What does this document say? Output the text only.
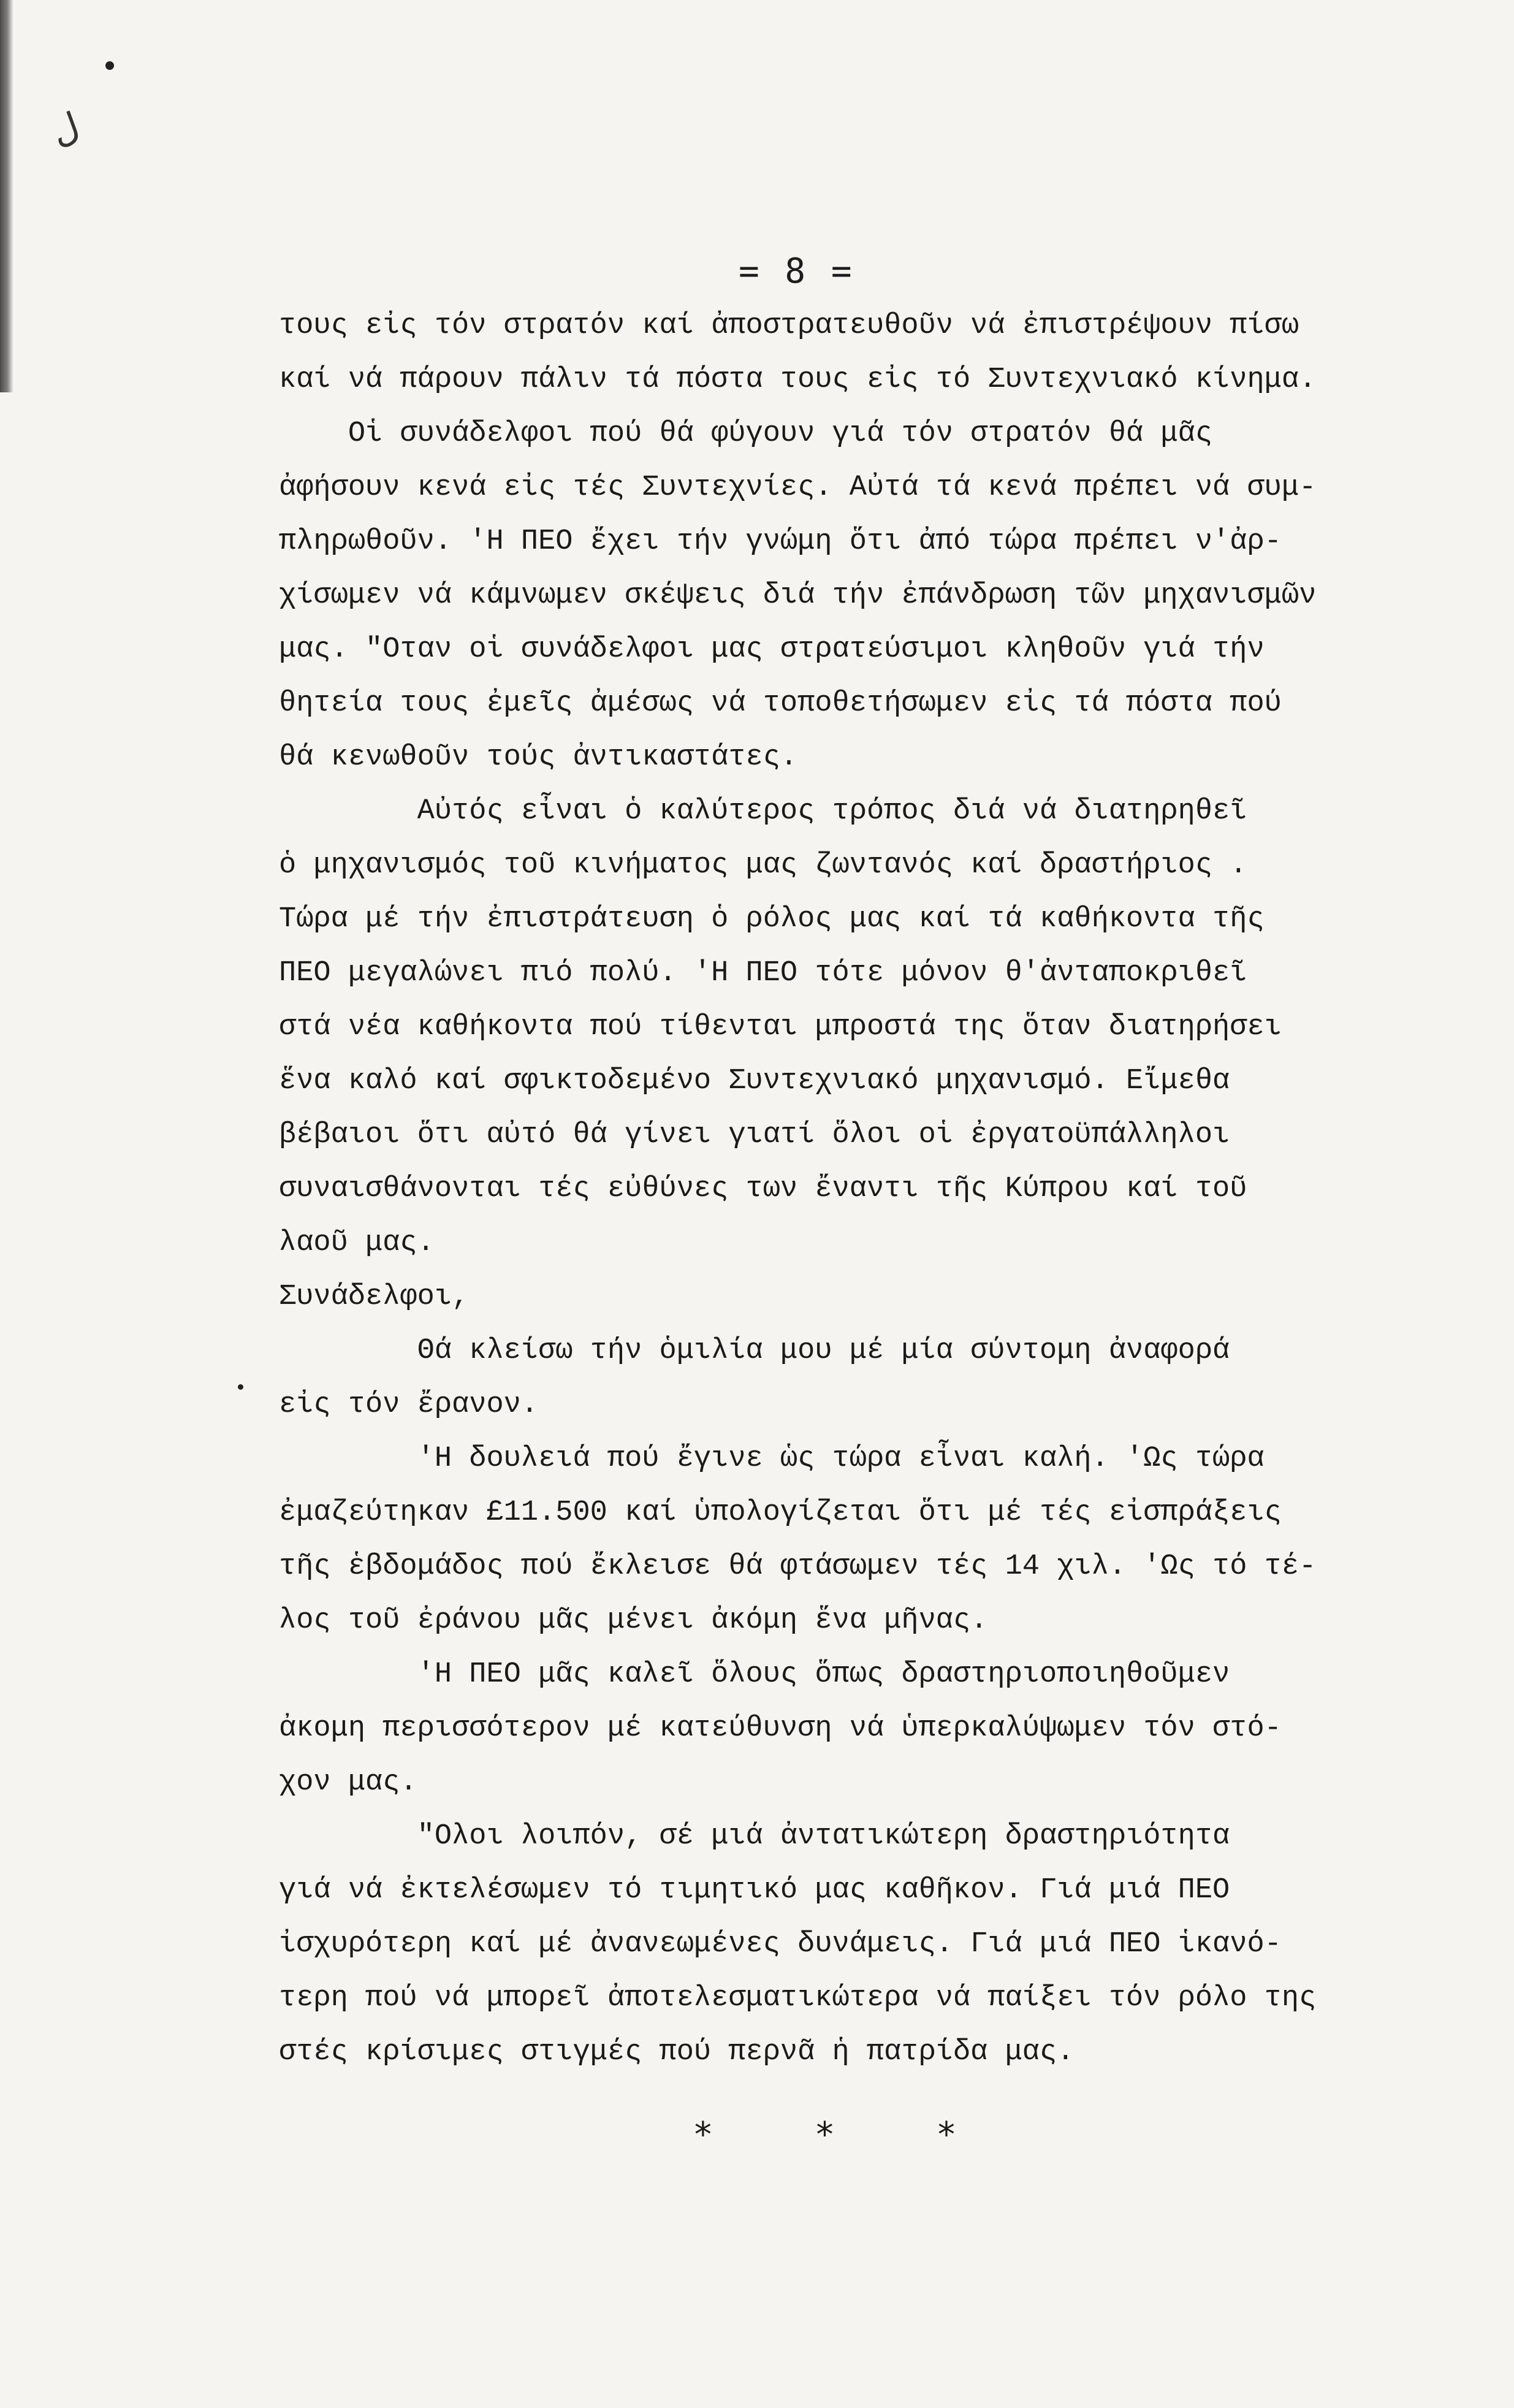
ل
= 8 =
τους εἰς τόν στρατόν καί ἀποστρατευθοῦν νά ἐπιστρέψουν πίσω
καί νά πάρουν πάλιν τά πόστα τους εἰς τό Συντεχνιακό κίνημα.
Οἱ συνάδελφοι πού θά φύγουν γιά τόν στρατόν θά μᾶς
ἀφήσουν κενά εἰς τές Συντεχνίες. Αὐτά τά κενά πρέπει νά συμ-
πληρωθοῦν. 'Η ΠΕΟ ἔχει τήν γνώμη ὅτι ἀπό τώρα πρέπει ν'ἀρ-
χίσωμεν νά κάμνωμεν σκέψεις διά τήν ἐπάνδρωση τῶν μηχανισμῶν
μας. "Οταν οἱ συνάδελφοι μας στρατεύσιμοι κληθοῦν γιά τήν
θητεία τους ἐμεῖς ἀμέσως νά τοποθετήσωμεν εἰς τά πόστα πού
θά κενωθοῦν τούς ἀντικαστάτες.
Αὐτός εἶναι ὁ καλύτερος τρόπος διά νά διατηρηθεῖ
ὁ μηχανισμός τοῦ κινήματος μας ζωντανός καί δραστήριος .
Τώρα μέ τήν ἐπιστράτευση ὁ ρόλος μας καί τά καθήκοντα τῆς
ΠΕΟ μεγαλώνει πιό πολύ. 'Η ΠΕΟ τότε μόνον θ'ἀνταποκριθεῖ
στά νέα καθήκοντα πού τίθενται μπροστά της ὅταν διατηρήσει
ἕνα καλό καί σφικτοδεμένο Συντεχνιακό μηχανισμό. Εἴμεθα
βέβαιοι ὅτι αὐτό θά γίνει γιατί ὅλοι οἱ ἐργατοϋπάλληλοι
συναισθάνονται τές εὐθύνες των ἔναντι τῆς Κύπρου καί τοῦ
λαοῦ μας.
Συνάδελφοι,
Θά κλείσω τήν ὁμιλία μου μέ μία σύντομη ἀναφορά
εἰς τόν ἔρανον.
'Η δουλειά πού ἔγινε ὡς τώρα εἶναι καλή. 'Ως τώρα
ἐμαζεύτηκαν £11.500 καί ὑπολογίζεται ὅτι μέ τές εἰσπράξεις
τῆς ἑβδομάδος πού ἔκλεισε θά φτάσωμεν τές 14 χιλ. 'Ως τό τέ-
λος τοῦ ἐράνου μᾶς μένει ἀκόμη ἕνα μῆνας.
'Η ΠΕΟ μᾶς καλεῖ ὅλους ὅπως δραστηριοποιηθοῦμεν
ἀκομη περισσότερον μέ κατεύθυνση νά ὑπερκαλύψωμεν τόν στό-
χον μας.
"Ολοι λοιπόν, σέ μιά ἀντατικώτερη δραστηριότητα
γιά νά ἐκτελέσωμεν τό τιμητικό μας καθῆκον. Γιά μιά ΠΕΟ
ἰσχυρότερη καί μέ ἀνανεωμένες δυνάμεις. Γιά μιά ΠΕΟ ἱκανό-
τερη πού νά μπορεῖ ἀποτελεσματικώτερα νά παίξει τόν ρόλο της
στές κρίσιμες στιγμές πού περνᾶ ἡ πατρίδα μας.
*    *    *
